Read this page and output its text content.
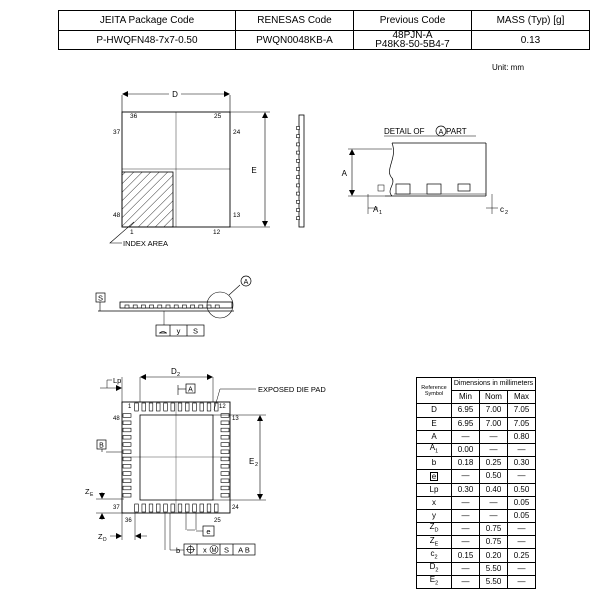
JEITA Package Code	RENESAS Code	Previous Code	MASS (Typ) [g]
P-HWQFN48-7x7-0.50	PWQN0048KB-A	48PJN-A
P48K8-50-5B4-7	0.13
Unit: mm
D
E
36	25
37	24
48	13
1	12
INDEX AREA
DETAIL OF A PART
A
A 1	c 2
S
A
y S
D 2
A
Lp
B
E 2
EXPOSED DIE PAD
Z E
Z D
1	12
48	13
37	24
36	25
e
b	x M S A B
Reference
Symbol	Dimensions in millimeters		
	Min	Nom	Max
D	6.95	7.00	7.05
E	6.95	7.00	7.05
A	—	—	0.80
$A_1$	0.00	—	—
b	0.18	0.25	0.30
e	—	0.50	—
Lp	0.30	0.40	0.50
x	—	—	0.05
y	—	—	0.05
$Z_D$	—	0.75	—
$Z_E$	—	0.75	—
$c_2$	0.15	0.20	0.25
$D_2$	—	5.50	—
$E_2$	—	5.50	—
